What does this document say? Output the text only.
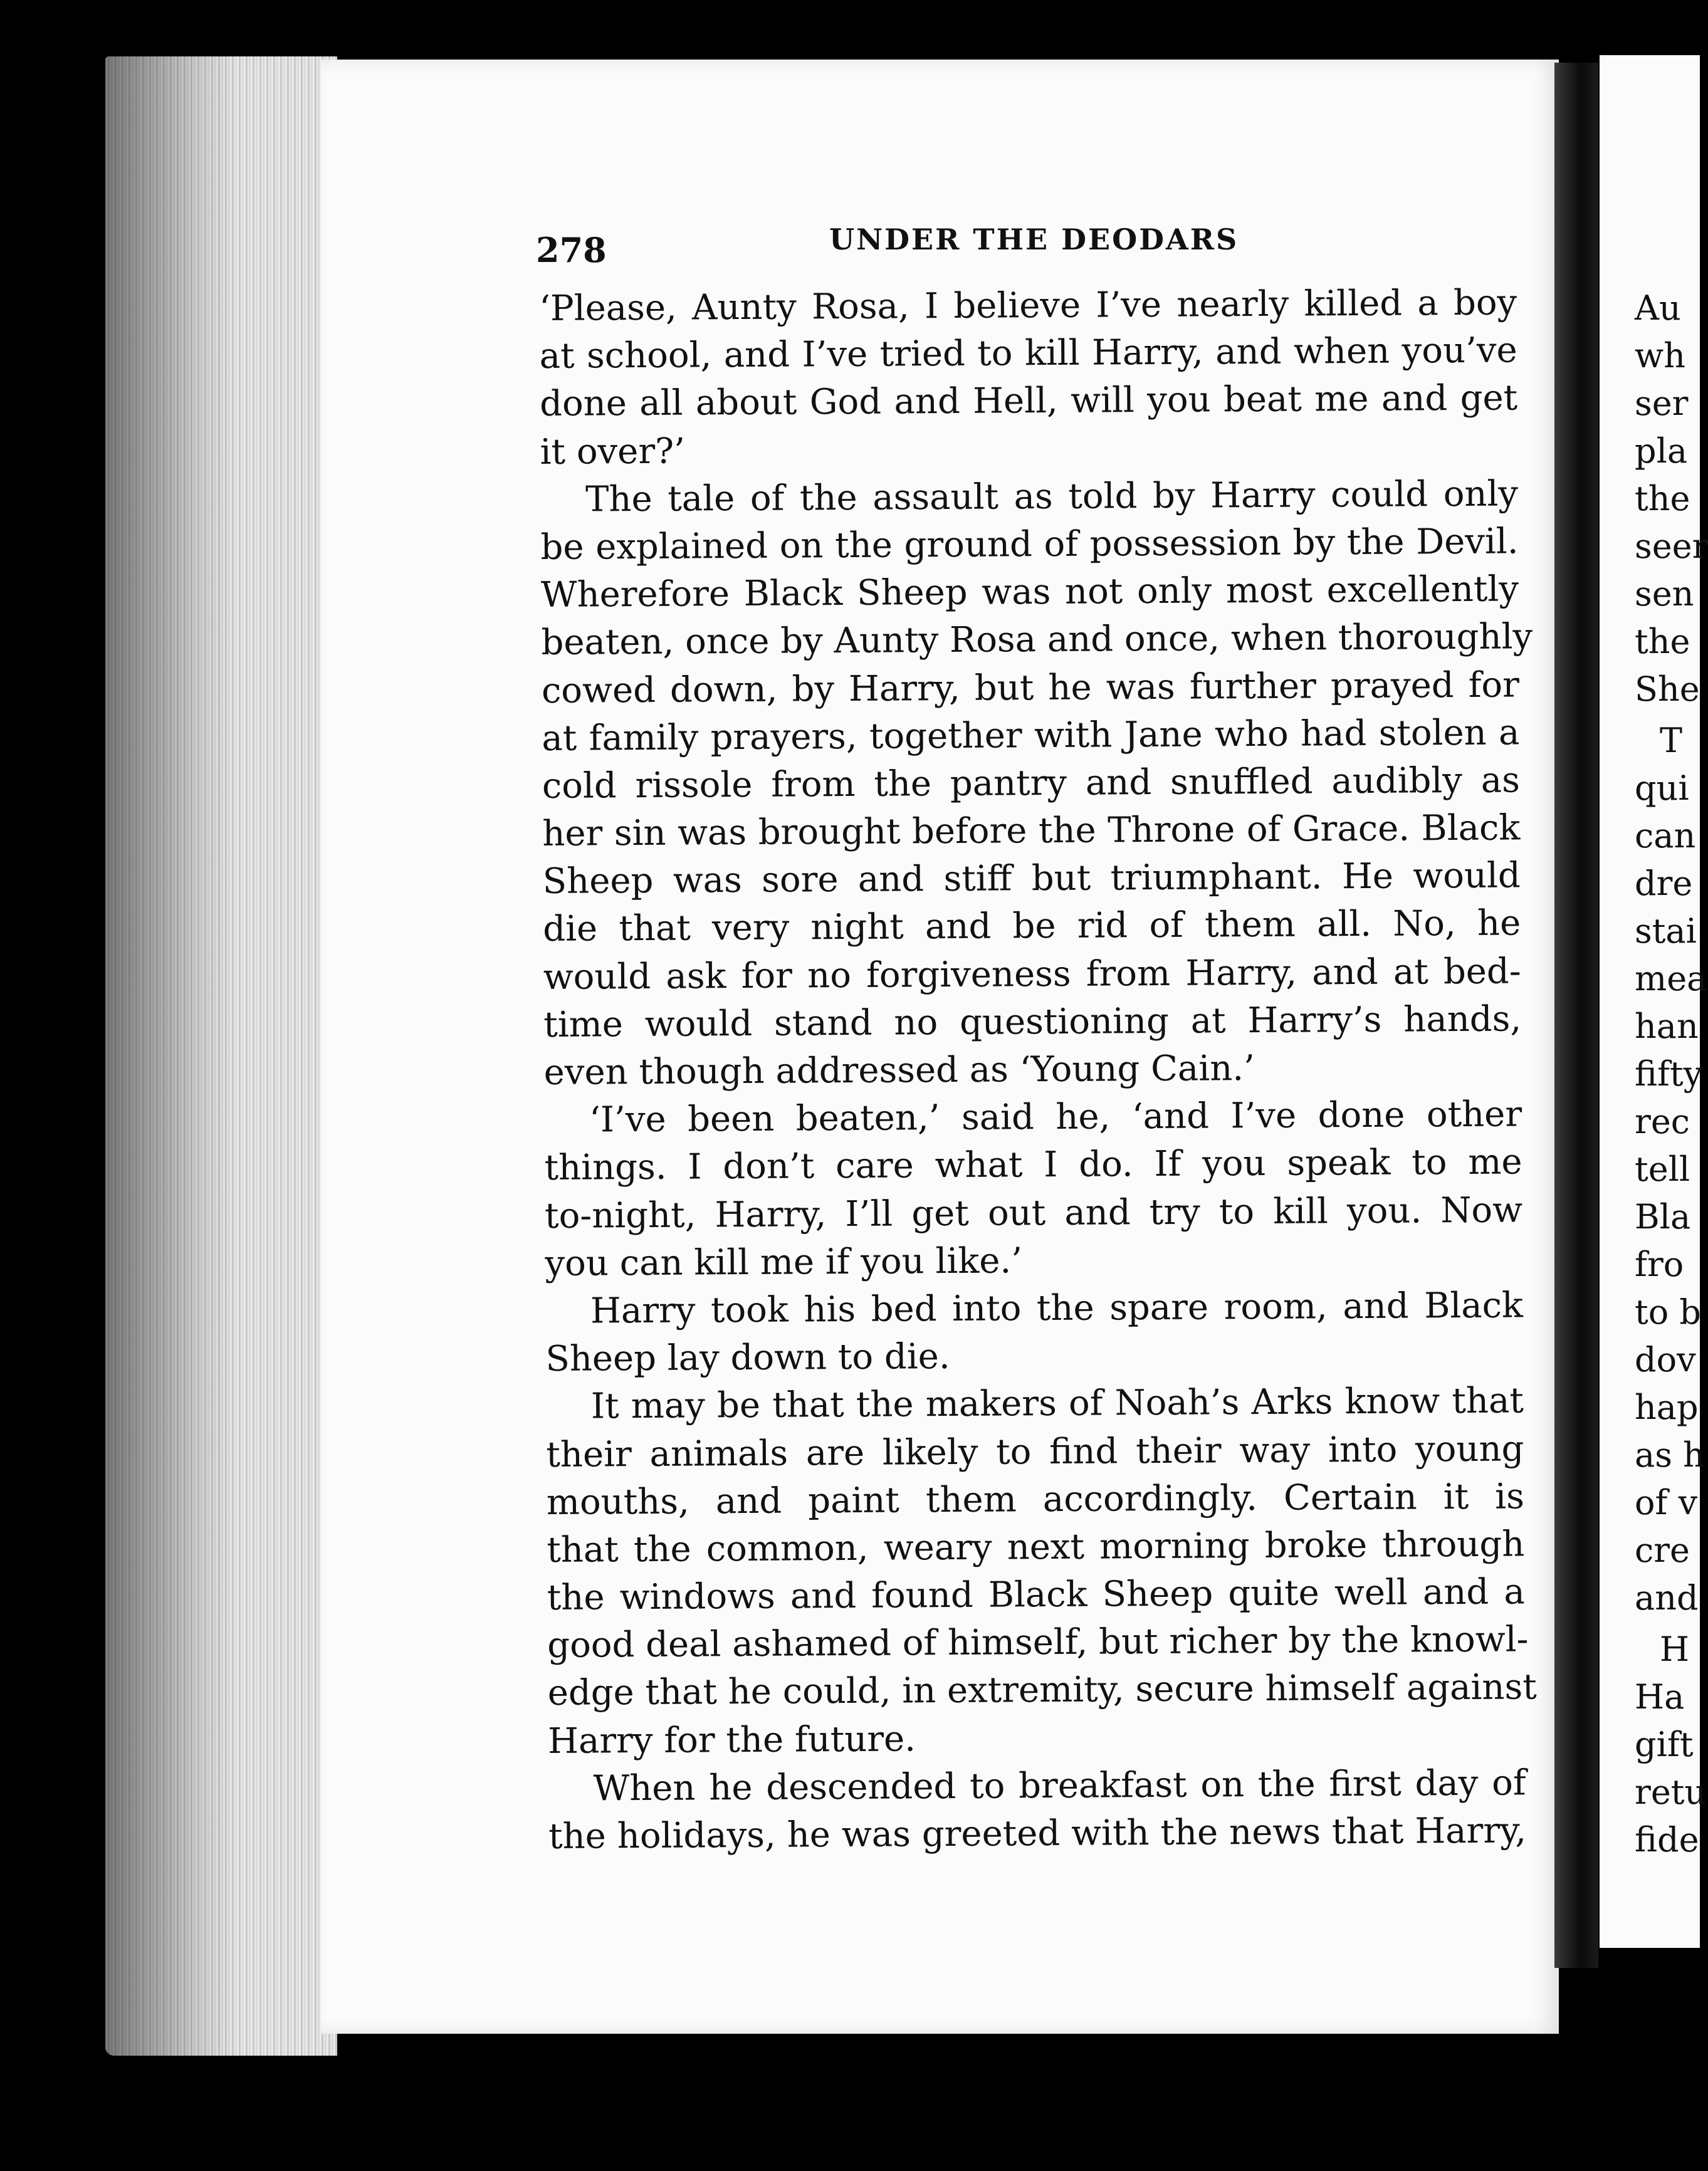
278	UNDER THE DEODARS
‘Please, Aunty Rosa, I believe I’ve nearly killed a boy
at school, and I’ve tried to kill Harry, and when you’ve
done all about God and Hell, will you beat me and get
it over?’
The tale of the assault as told by Harry could only
be explained on the ground of possession by the Devil.
Wherefore Black Sheep was not only most excellently
beaten, once by Aunty Rosa and once, when thoroughly
cowed down, by Harry, but he was further prayed for
at family prayers, together with Jane who had stolen a
cold rissole from the pantry and snuffled audibly as
her sin was brought before the Throne of Grace. Black
Sheep was sore and stiff but triumphant. He would
die that very night and be rid of them all. No, he
would ask for no forgiveness from Harry, and at bed-
time would stand no questioning at Harry’s hands,
even though addressed as ‘Young Cain.’
‘I’ve been beaten,’ said he, ‘and I’ve done other
things. I don’t care what I do. If you speak to me
to-night, Harry, I’ll get out and try to kill you. Now
you can kill me if you like.’
Harry took his bed into the spare room, and Black
Sheep lay down to die.
It may be that the makers of Noah’s Arks know that
their animals are likely to find their way into young
mouths, and paint them accordingly. Certain it is
that the common, weary next morning broke through
the windows and found Black Sheep quite well and a
good deal ashamed of himself, but richer by the knowl-
edge that he could, in extremity, secure himself against
Harry for the future.
When he descended to breakfast on the first day of
the holidays, he was greeted with the news that Harry,
Au
wh
ser
pla
the
seer
sen
the
She
T
qui
can
dre
stai
mea
han
fifty
rec
tell
Bla
fro
to b
dov
hap
as h
of v
cre
and
H
Ha
gift
retu
fide
